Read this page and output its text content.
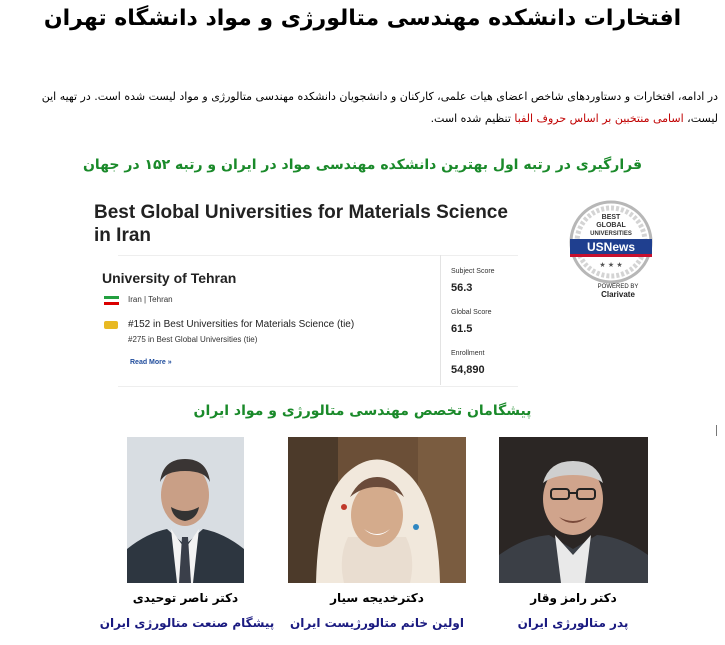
افتخارات دانشکده مهندسی متالورژی و مواد دانشگاه تهران
در ادامه، افتخارات و دستاوردهای شاخص اعضای هیات علمی، کارکنان و دانشجویان دانشکده مهندسی متالورژی و مواد لیست شده است. در تهیه این لیست، اسامی منتخبین بر اساس حروف الفبا تنظیم شده است.
قرارگیری در رتبه اول بهترین دانشکده مهندسی مواد در ایران و رتبه ۱۵۲ در جهان
Best Global Universities for Materials Science in Iran
BEST
GLOBAL
UNIVERSITIES
USNews
★ ★ ★
POWERED BY
Clarivate
University of Tehran
Iran | Tehran
#152 in Best Universities for Materials Science (tie)
#275 in Best Global Universities (tie)
Read More »
Subject Score
56.3
Global Score
61.5
Enrollment
54,890
پیشگامان تخصص مهندسی متالورژی و مواد ایران
دکتر ناصر توحیدی	دکترخدیجه سیار	دکتر رامز وقار
پیشگام صنعت متالورژی ایران	اولین خانم متالورژیست ایران	پدر متالورژی ایران
